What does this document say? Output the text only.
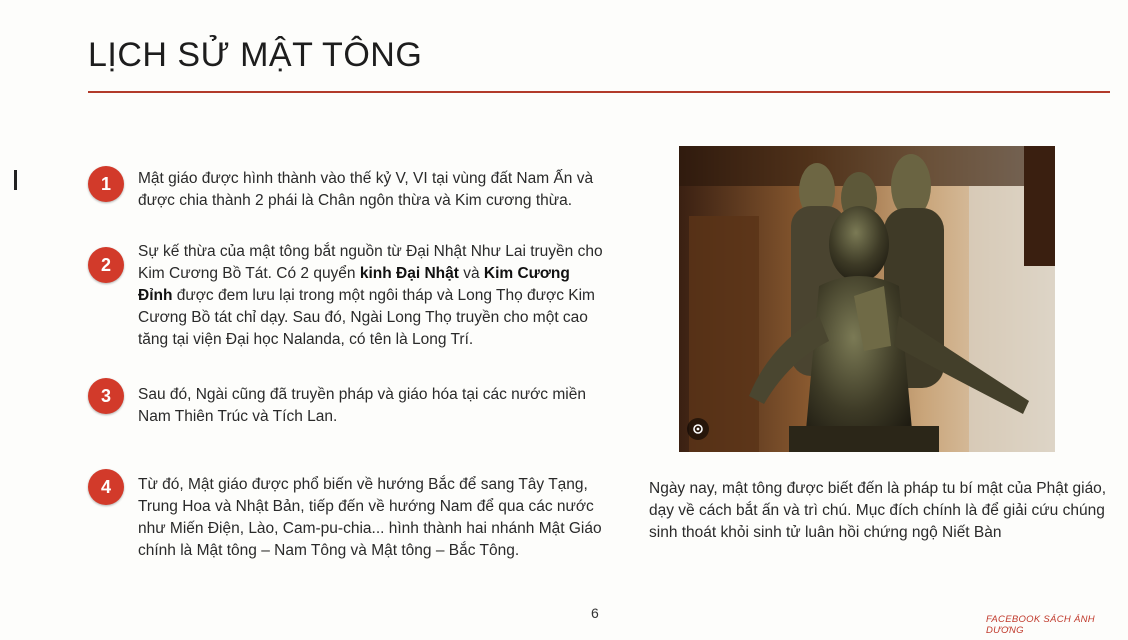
LỊCH SỬ MẬT TÔNG
1	Mật giáo được hình thành vào thế kỷ V, VI tại vùng đất Nam Ấn và được chia thành 2 phái là Chân ngôn thừa và Kim cương thừa.
2
Sự kế thừa của mật tông bắt nguồn từ Đại Nhật Như Lai truyền cho Kim Cương Bồ Tát. Có 2 quyển kinh Đại Nhật và Kim Cương Đỉnh được đem lưu lại trong một ngôi tháp và Long Thọ được Kim Cương Bồ tát chỉ dạy. Sau đó, Ngài Long Thọ truyền cho một cao tăng tại viện Đại học Nalanda, có tên là Long Trí.
3	Sau đó, Ngài cũng đã truyền pháp và giáo hóa tại các nước miền Nam Thiên Trúc và Tích Lan.
4	Từ đó, Mật giáo được phổ biến về hướng Bắc để sang Tây Tạng, Trung Hoa và Nhật Bản, tiếp đến về hướng Nam để qua các nước như Miến Điện, Lào, Cam-pu-chia... hình thành hai nhánh Mật Giáo chính là Mật tông – Nam Tông và Mật tông – Bắc Tông.
Ngày nay, mật tông được biết đến là pháp tu bí mật của Phật giáo, dạy về cách bắt ấn và trì chú. Mục đích chính là để giải cứu chúng sinh thoát khỏi sinh tử luân hồi chứng ngộ Niết Bàn
6	FACEBOOK SÁCH ÁNH DƯƠNG
